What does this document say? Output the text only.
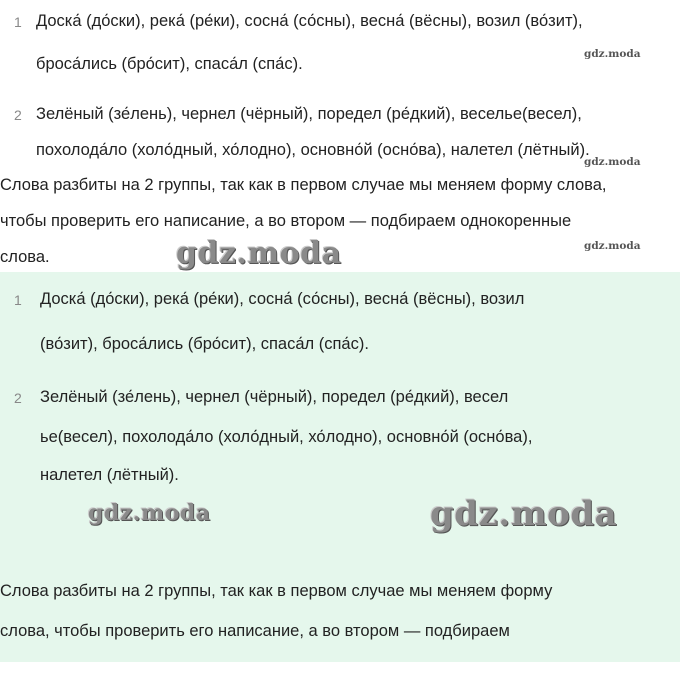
1 Доска́ (до́ски), река́ (ре́ки), сосна́ (со́сны), весна́ (вёсны), возил (во́зит),
броса́лись (бро́сит), спаса́л (спа́с).
gdz.moda
2 Зелёный (зе́лень), чернел (чёрный), поредел (ре́дкий), веселье(весел),
похолода́ло (холо́дный, хо́лодно), основно́й (осно́ва), налетел (лётный).
gdz.moda
Слова разбиты на 2 группы, так как в первом случае мы меняем форму слова,
чтобы проверить его написание, а во втором — подбираем однокоренные
слова.
gdz.moda
gdz.moda
1 Доска́ (до́ски), река́ (ре́ки), сосна́ (со́сны), весна́ (вёсны), возил
(во́зит), броса́лись (бро́сит), спаса́л (спа́с).
2 Зелёный (зе́лень), чернел (чёрный), поредел (ре́дкий), весел
ье(весел), похолода́ло (холо́дный, хо́лодно), основно́й (осно́ва),
налетел (лётный).
gdz.moda	gdz.moda
Слова разбиты на 2 группы, так как в первом случае мы меняем форму
слова, чтобы проверить его написание, а во втором — подбираем
